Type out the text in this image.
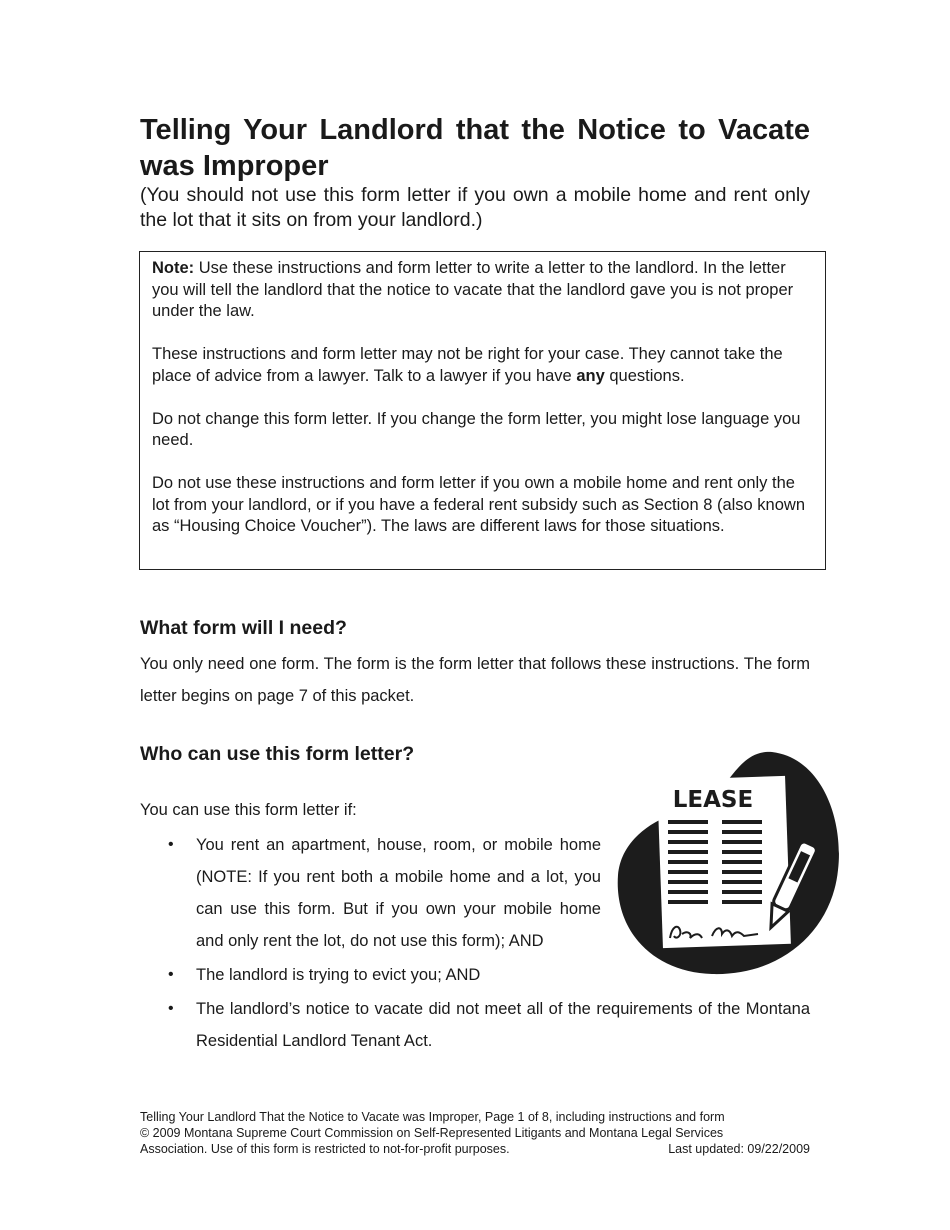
Telling Your Landlord that the Notice to Vacate was Improper

(You should not use this form letter if you own a mobile home and rent only the lot that it sits on from your landlord.)

Note: Use these instructions and form letter to write a letter to the landlord. In the letter you will tell the landlord that the notice to vacate that the landlord gave you is not proper under the law.

These instructions and form letter may not be right for your case. They cannot take the place of advice from a lawyer. Talk to a lawyer if you have any questions.

Do not change this form letter. If you change the form letter, you might lose language you need.

Do not use these instructions and form letter if you own a mobile home and rent only the lot from your landlord, or if you have a federal rent subsidy such as Section 8 (also known as “Housing Choice Voucher”). The laws are different laws for those situations.

What form will I need?

You only need one form. The form is the form letter that follows these instructions. The form letter begins on page 7 of this packet.

Who can use this form letter?

You can use this form letter if:

• You rent an apartment, house, room, or mobile home (NOTE: If you rent both a mobile home and a lot, you can use this form. But if you own your mobile home and only rent the lot, do not use this form); AND
• The landlord is trying to evict you; AND
• The landlord’s notice to vacate did not meet all of the requirements of the Montana Residential Landlord Tenant Act.
LEASE
Telling Your Landlord That the Notice to Vacate was Improper, Page 1 of 8, including instructions and form
© 2009 Montana Supreme Court Commission on Self-Represented Litigants and Montana Legal Services
Association. Use of this form is restricted to not-for-profit purposes.	Last updated: 09/22/2009
